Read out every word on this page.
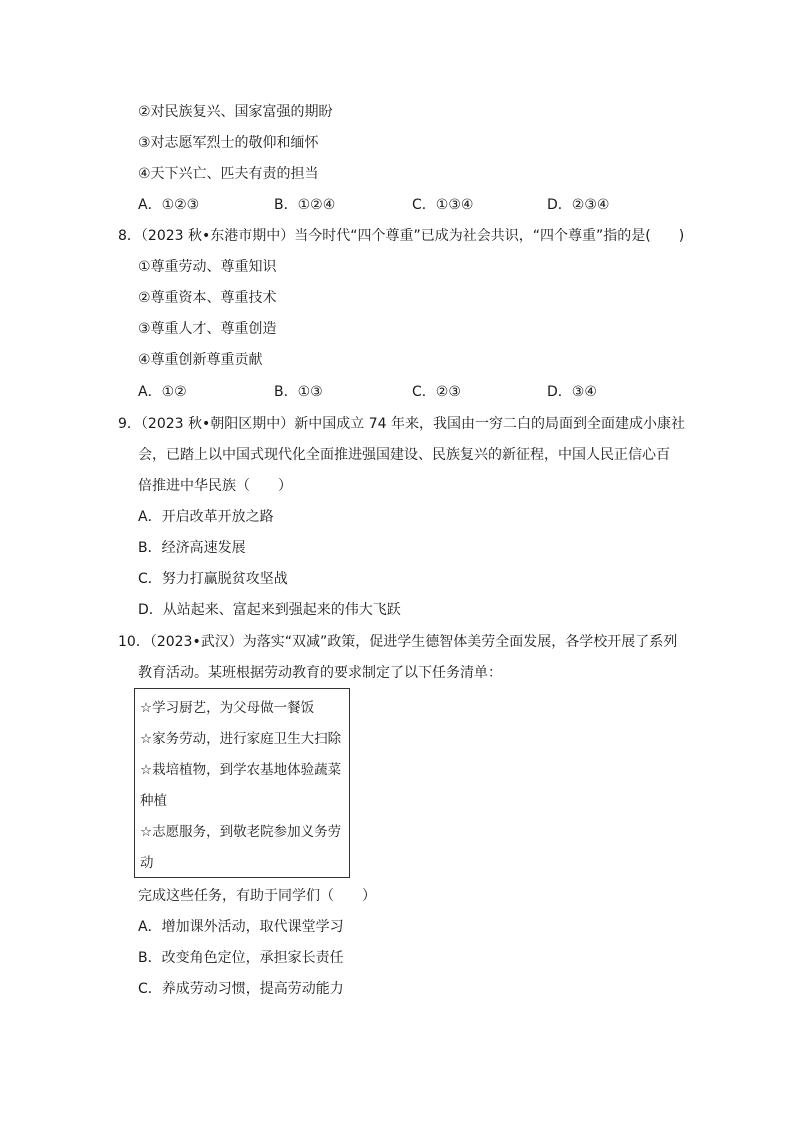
②对民族复兴、国家富强的期盼
③对志愿军烈士的敬仰和缅怀
④天下兴亡、匹夫有责的担当
A．①②③	B．①②④	C．①③④	D．②③④
8．（2023 秋•东港市期中）当今时代“四个尊重”已成为社会共识，“四个尊重”指的是(　　)
①尊重劳动、尊重知识
②尊重资本、尊重技术
③尊重人才、尊重创造
④尊重创新尊重贡献
A．①②	B．①③	C．②③	D．③④
9．（2023 秋•朝阳区期中）新中国成立 74 年来，我国由一穷二白的局面到全面建成小康社
会，已踏上以中国式现代化全面推进强国建设、民族复兴的新征程，中国人民正信心百
倍推进中华民族（　　）
A．开启改革开放之路
B．经济高速发展
C．努力打赢脱贫攻坚战
D．从站起来、富起来到强起来的伟大飞跃
10．（2023•武汉）为落实“双减”政策，促进学生德智体美劳全面发展，各学校开展了系列
教育活动。某班根据劳动教育的要求制定了以下任务清单：
☆学习厨艺，为父母做一餐饭
☆家务劳动，进行家庭卫生大扫除
☆栽培植物，到学农基地体验蔬菜
种植
☆志愿服务，到敬老院参加义务劳
动
完成这些任务，有助于同学们（　　）
A．增加课外活动，取代课堂学习
B．改变角色定位，承担家长责任
C．养成劳动习惯，提高劳动能力
